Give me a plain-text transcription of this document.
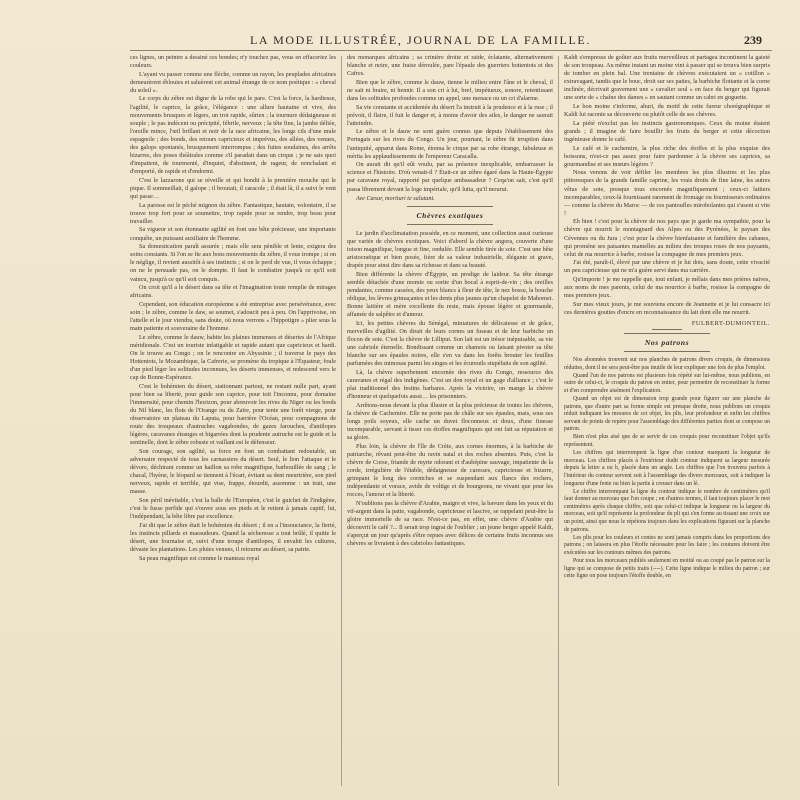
LA MODE ILLUSTRÉE, JOURNAL DE LA FAMILLE.	239

ces lignes, un peintre a dessiné ces bondes; n'y touchez pas, vous en effaceriez les couleurs.

L'ayant vu passer comme une flèche, comme un rayon, les peuplades africaines demeurèrent éblouies et saluèrent cet animal étrange de ce nom poétique : « cheval du soleil ».

Le corps du zèbre est digne de la robe qui le pare. C'est la force, la hardiesse, l'agilité, le caprice, la grâce, l'élégance : une allure hautaine et vive, des mouvements brusques et légers, un trot rapide, sûrien ; la tournure dédaigneuse et souple ; le pas indécent ou précipité, fébrile, nerveux ; la tête fine, la jambe déliée, l'oreille mince, l'œil brillant et noir de la race africaine, les longs cils d'une mule espagnole ; des bonds, des retours capricieux et imprévus, des allées, des venues, des galops spontanés, brusquement interrompus ; des fuites soudaines, des arrêts bizarres, des poses théâtrales comme s'il paradait dans un cirque ; je ne sais quoi d'impatient, de tourmenté, d'inquiet, d'abstinent, de rageur, de nonchalant et d'emporté, de rapide et d'endormi.

C'est le lazzarone qui se réveille et qui bondit à la première mouche qui le pique. Il sommeillait, il galope ; il broutait, il caracole ; il était là, il a suivi le vent qui passe…

La paresse est le péché mignon du zèbre. Fantastique, hautain, volontaire, il se trouve trop fort pour se soumettre, trop rapide pour se rendre, trop beau pour travailler.

Sa vigueur et son étonnante agilité en font une bête précieuse, une importante conquête, un puissant auxiliaire de l'homme.

Sa domestication paraît assurée ; mais elle sera pénible et lente, exigera des soins constants. Si l'on se fie aux bons mouvements du zèbre, il vous trompe ; si on le néglige, il revient aussitôt à ses instincts ; si on le perd de vue, il vous échappe ; on ne le persuade pas, on le dompte. Il faut le combattre jusqu'à ce qu'il soit vaincu, jusqu'à ce qu'il soit conquis.

On croit qu'il a le désert dans sa tête et l'imagination toute remplie de mirages africains.

Cependant, son éducation européenne a été entreprise avec persévérance, avec soin ; le zèbre, comme le daw, se soumet, s'adoucit peu à peu. On l'apprivoise, on l'attelle et le jour viendra, sans doute, où nous verrons « l'hippotigre » plier sous la main patiente et souveraine de l'homme.

Le zèbre, comme le dauw, habite les plaines immenses et désertes de l'Afrique méridionale. C'est un touriste infatigable et rapide autant que capricieux et hardi. On le trouve au Congo ; on le rencontre en Abyssinie ; il traverse le pays des Hottentots, le Mozambique, la Cafrerie, se promène du tropique à l'Équateur, foule d'un pied léger les solitudes inconnues, les déserts immenses, et redescend vers le cap de Bonne-Espérance.

C'est le bohémien du désert, stationnant partout, ne restant nulle part, ayant pour bien sa liberté, pour guide son caprice, pour toit l'inconnu, pour domaine l'immensité, pour chemin l'horizon, pour abreuvoir les rives du Niger ou les bords du Nil blanc, les flots de l'Orange ou du Zaïre, pour tente une forêt vierge, pour observatoire un plateau du Laputa, pour barrière l'Océan, pour compagnons de route des troupeaux d'autruches vagabondes, de gazes farouches, d'antilopes légères, caravanes étranges et bigarrées dont la prudente autruche est le guide et la sentinelle, dont le zèbre robuste et vaillant est le défenseur.

Son courage, son agilité, sa force en font un combattant redoutable, un adversaire respecté de tous les carnassiers du désert. Seul, le lion l'attaque et le dévore, déchirant comme un haillon sa robe magnifique, barbouillée de sang ; le chacal, l'hyène, le léopard se tiennent à l'écart, évitant sa dent meurtrière, son pied nerveux, rapide et terrible, qui vise, frappe, étourdit, assomme : un trait, une masse.

Son péril inévitable, c'est la balle de l'Européen, c'est le guichet de l'indigène, c'est le fusse perfide qui s'ouvre sous ses pieds et le retient à jamais captif, lui, l'indépendant, la bête libre par excellence.

J'ai dit que le zèbre était le bohémien du désert ; il en a l'insouciance, la fierté, les instincts pillards et maraudeurs. Quand la sécheresse a tout brûlé, il quitte le désert, une fournaise et, suivi d'une troupe d'antilopes, il envahit les cultures, dévaste les plantations. Les pluies venues, il retourne au désert, sa patrie.

Sa peau magnifique est comme le manteau royal

des monarques africains ; sa crinière droite et raide, éclatante, alternativement blanche et noire, une fraise déroulée, pare l'épaule des guerriers hottentots et des Cafres.

Bien que le zèbre, comme le dauw, tienne le milieu entre l'âne et le cheval, il ne sait ni braire, ni hennir. Il a son cri à lui, bref, impétueux, sonore, retentissant dans les solitudes profondes comme un appel, une menace ou un cri d'alarme.

Sa vie constante et accidentée du désert l'a instruit à la prudence et à la ruse ; il prévoit, il flaire, il fuit le danger et, à moins d'avoir des ailes, le danger ne saurait l'atteindre.

Le zèbre et le dauw ne sont guère connus que depuis l'établissement des Portugais sur les rives du Congo. Un jour, pourtant, le zèbre fit irruption dans l'antiquité, apparut dans Rome, étonna le cirque par sa robe étrange, fabuleuse et mérita les applaudissements de l'empereur Caracalla.

On aurait dit qu'il eût voulu, par sa présence inexplicable, embarrasser la science et l'histoire. D'où venait-il ? Était-ce un zèbre égaré dans la Haute-Égypte par caravane royal, rapporté par quelque ambassadeur ? Ceqa'on sait, c'est qu'il passa librement devant la loge impériale, qu'il lutta, qu'il mourut.

Ave Cæsar, morituri te salutant.

Chèvres exotiques

Le jardin d'acclimatation possède, en ce moment, une collection aussi curieuse que variée de chèvres exotiques. Voici d'abord la chèvre angora, couverte d'une toison magnifique, longue et fine, ondulée. Elle semble tirée de soie. C'est une bête aristocratique et bien posée, fière de sa valeur industrielle, élégante et grave, drapée pour ainsi dire dans sa richesse et dans sa beauté.

Bien différente la chèvre d'Égypte, un prodige de laideur. Sa tête étrange semble détachée d'une momie ou sortie d'un bocal à esprit-de-vin ; des oreilles pendantes, comme cassées, des yeux blancs à fleur de tête, le nez bossu, la bouche oblique, les lèvres grimaçantes et les dents plus jaunes qu'un chapelet de Mahomet. Bonne laitière et mère excellente du reste, mais épouse légère et gourmande, affamée de salpêtre et d'amour.

Ici, les petites chèvres du Sénégal, miniatures de délicatesse et de grâce, merveilles d'agilité. On dirait de leurs cornes un fuseau et de leur barbiche un flocon de soie. C'est la chèvre de Lilliput. Son lait est un trésor inépuisable, sa vie une cabriole éternelle. Bondissant comme un chamois ou faisant pivoter sa tête blanche sur ses épaules noires, elle s'en va dans les forêts brouter les feuilles parfumées des mimosas parmi les singes et les écureuils stupéfaits de son agilité.

Là, la chèvre superbement encornée des rives du Congo, ressource des caravanes et régal des indigènes. C'est un don royal et un gage d'alliance ; c'est le plat traditionnel des festins barbares. Après la victoire, on mange la chèvre d'honneur et quelquefois aussi… les prisonniers.

Arrêtons-nous devant la plus illustre et la plus précieuse de toutes les chèvres, la chèvre de Cachemire. Elle ne porte pas de châle sur ses épaules, mais, sous ses longs poils soyeux, elle cache un duvet floconneux et doux, d'une finesse incomparable, servant à tisser ces étoffes magnifiques qui ont fait sa réputation et sa gloire.

Plus loin, la chèvre de l'île de Crète, aux cornes énormes, à la barbiche de patriarche, rêvant peut-être du ravin natal et des roches absentes. Puis, c'est la chèvre de Corse, friande de myrte odorant et d'aubépine sauvage, impatiente de la corde, irrégulière de l'étable, dédaigneuse de caresses, capricieuse et bizarre, grimpant le long des corniches et se suspendant aux flancs des rochers, indépendante et vorace, avide de voltige et de bourgeons, ne vivant que pour les rocces, l'amour et la liberté.

N'oublions pas la chèvre d'Arabie, maigre et vive, la bavure dans les yeux et du vif-argent dans la patte, vagabonde, capricieuse et lascive, se rappelant peut-être la gloire immortelle de sa race. N'est-ce pas, en effet, une chèvre d'Arabie qui découvrit le café ?... Il serait trop ingrat de l'oublier ; un jeune berger appelé Kaldi, s'aperçut un jour qu'après s'être repues avec délices de certains fruits inconnus ses chèvres se livraient à des cabrioles fantastiques.

Kaldi s'empresse de goûter aux fruits merveilleux et partagea incontinent la gaieté de son troupeau. Au même instant un moine vint à passer qui se trouva bien surpris de tomber en plein bal. Une trentaine de chèvres exécutaient un « cotillon » extravagant, tandis que le bouc, droit sur ses pattes, la barbiche flottante et la corne inclinée, décrivait gravement une « cavalier seul » en face du berger qui figurait une sorte de « chaîne des dames » en sautant comme un cabri en goguette.

Le bon moine s'informe, ahuri, du motif de cette fureur chorégraphique et Kaldi lui raconte sa découverte ou plutôt celle de ses chèvres.

La piété n'exclut pas les instincts gastronomiques. Ceux du moine étaient grands ; il imagine de faire bouillir les fruits du berger et cette décoction ingénieuse donne le café.

Le café et le cachemire, la plus riche des étoffes et la plus exquise des boissons, n'est-ce pas assez pour faire pardonner à la chèvre ses caprices, sa gourmandise et ses mœurs légères ?

Nous venons de voir défiler les membres les plus illustres et les plus pittoresques de la grande famille caprine, les vrais droits de fine laine, les autres vêtus de soie, presque tous encornés magnifiquement ; ceux-ci laitiers incomparables, ceux-là fournissant rarement de fromage ou fournisseurs ordinaires — comme la chèvre du Maroc — de ces pantoufles mirobolantes qui s'usent si vite !

Eh bien ! c'est pour la chèvre de nos pays que je garde ma sympathie, pour la chèvre qui nourrit le montagnard des Alpes ou des Pyrénées, le paysan des Cévennes ou du Jura ; c'est pour la chèvre bienfaisante et familière des cabanes, qui promène ses paisantes mamelles au milieu des troupes roses de nos paysants, celui de ma nourrice à barbe, rosisse la compagne de mes premiers jeux.

J'ai été, paraît-il, élevé par une chèvre et je lui dois, sans doute, cette vivacité un peu capricieuse qui ne m'a guère servi dans ma carrière.

Qu'importe ! je me rappelle que, tout enfant, je mêlais dans mes prières naïves, aux noms de mes parents, celui de ma nourrice à barbe, rosisse la compagne de mes premiers jeux.

Sur mes vieux jours, je me souviens encore de Jeannette et je lui consacre ici ces dernières gouttes d'encre en reconnaissance du lait dont elle me nourrit.

FULBERT-DUMONTEIL.

Nos patrons

Nos abonnées trouvent sur nos planches de patrons divers croquis, de dimensions réduites, dont il ne sera peut-être pas inutile de leur expliquer une fois de plus l'emploi.

Quand l'un de nos patrons est plusieurs fois répété sur lui-même, nous publions, en outre de celui-ci, le croquis du patron en entier, pour permettre de reconstituer la forme et d'en comprendre aisément l'explication.

Quand un objet est de dimension trop grande pour figurer sur une planche de patrons, que d'autre part sa forme simple est presque droite, nous publions un croquis réduit indiquant les mesures de cet objet, les plis, leur profondeur et enfin les chiffres servant de points de repère pour l'assemblage des différentes parties dont se compose un patron.

Bien n'est plus aisé que de se servir de ces croquis pour reconstituer l'objet qu'ils représentent.

Les chiffres qui interrompent la ligne d'un contour marquent la longueur de morceau. Les chiffres placés à l'extérieur dudit contour indiquent sa largeur mesurée depuis la lettre a ou b, placée dans un angle. Les chiffres que l'on trouvera parfois à l'intérieur du contour servent soit à l'assemblage des divers morceaux, soit à indiquer la longueur d'une fente ou bien la partie à creuser dans un lé.

Le chiffre interrompant la ligne du contour indique le nombre de centimètres qu'il faut donner au morceau que l'on coupe ; en d'autres termes, il faut toujours placer le mot centimètres après chaque chiffre, soit que celui-ci indique la longueur ou la largeur du morceau, soit qu'il représente la profondeur du pli qui s'en forme au tissant une croix sur un point, ainsi que nous le répétons toujours dans les explications figurant sur la planche de patrons.

Les plis pour les couleurs et contes ne sont jamais compris dans les proportions des patrons ; on laissera en plus l'étoffe nécessaire pour les faire ; les coutures doivent être exécutées sur les contours mêmes des patrons.

Pour tous les morceaux publiés seulement en moitié ou au coupé pas le patron sur la ligne qui se compose de petits traits (----). Cette ligne indique le milieu du patron ; sur cette ligne on pose toujours l'étoffe double, en
